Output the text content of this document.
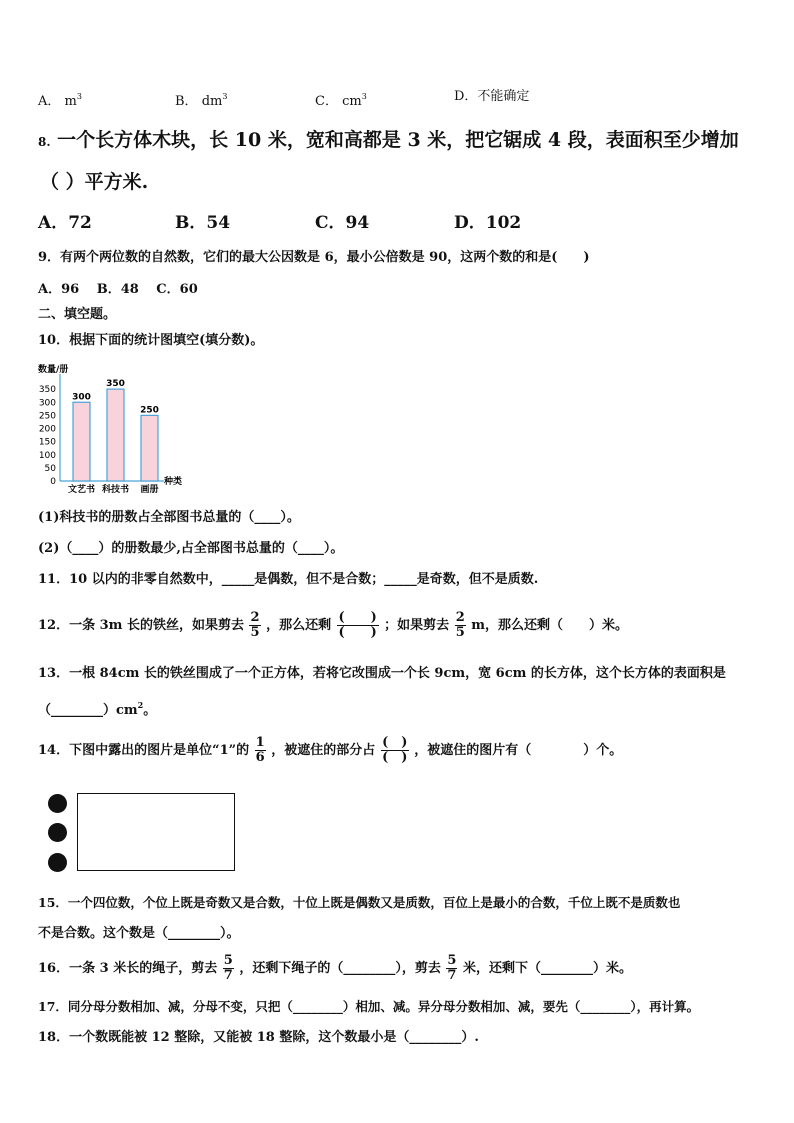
A． $m^3$	B． $dm^3$	C． $cm^3$	D．不能确定
8. 一个长方体木块，长 10 米，宽和高都是 3 米，把它锯成 4 段，表面积至少增加
（ ）平方米.
A．72	B．54	C．94	D．102
9．有两个两位数的自然数，它们的最大公因数是 6，最小公倍数是 90，这两个数的和是(　　)
A．96　 B．48　 C．60
二、填空题。
10．根据下面的统计图填空(填分数)。
数量/册
0
50
100
150
200
250
300
350
300
文艺书
350
科技书
250
画册
种类
(1)科技书的册数占全部图书总量的（____）。
(2)（____）的册数最少,占全部图书总量的（____）。
11．10 以内的非零自然数中，_____是偶数，但不是合数；_____是奇数，但不是质数.
12．一条 3m 长的铁丝，如果剪去 $\frac{2}{5}$ ，那么还剩 $\frac{( )}{( )}$ ；如果剪去 $\frac{2}{5}$ m，那么还剩（　　）米。
13．一根 84cm 长的铁丝围成了一个正方体，若将它改围成一个长 9cm，宽 6cm 的长方体，这个长方体的表面积是
$(\_\_\_\_\_\_\_\_)cm^2$。
14．下图中露出的图片是单位“1”的 $\frac{1}{6}$ ，被遮住的部分占 $\frac{( )}{( )}$ ，被遮住的图片有（　　　　）个。
15．一个四位数，个位上既是奇数又是合数，十位上既是偶数又是质数，百位上是最小的合数，千位上既不是质数也
不是合数。这个数是（________）。
16．一条 3 米长的绳子，剪去 $\frac{5}{7}$ ，还剩下绳子的（________），剪去 $\frac{5}{7}$ 米，还剩下（________）米。
17．同分母分数相加、减，分母不变，只把（________）相加、减。异分母分数相加、减，要先（________），再计算。
18．一个数既能被 12 整除，又能被 18 整除，这个数最小是（________）.
